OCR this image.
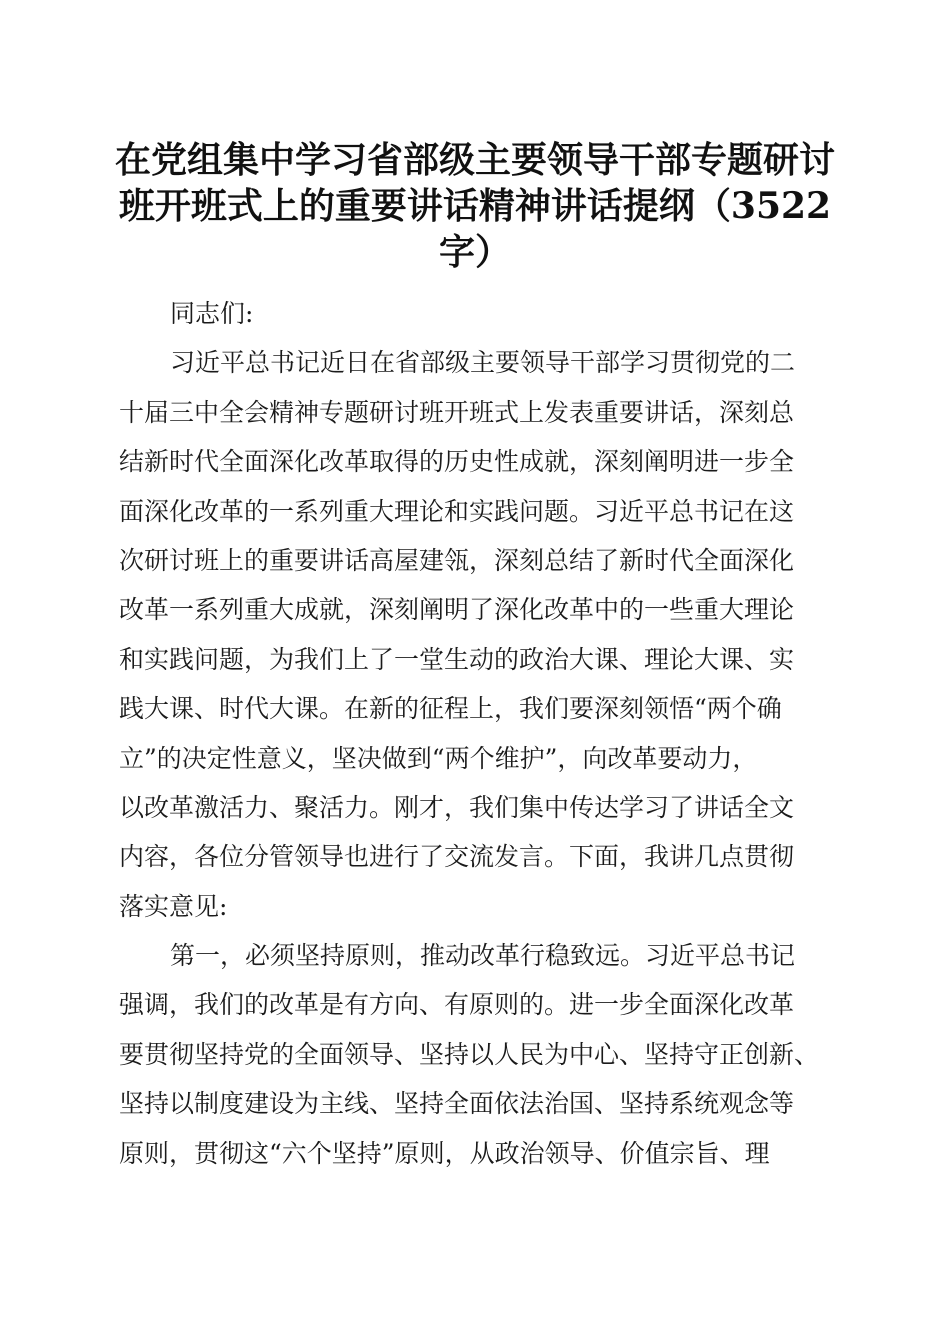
在党组集中学习省部级主要领导干部专题研讨
班开班式上的重要讲话精神讲话提纲（3522
字）
同志们:
习近平总书记近日在省部级主要领导干部学习贯彻党的二
十届三中全会精神专题研讨班开班式上发表重要讲话，深刻总
结新时代全面深化改革取得的历史性成就，深刻阐明进一步全
面深化改革的一系列重大理论和实践问题。习近平总书记在这
次研讨班上的重要讲话高屋建瓴，深刻总结了新时代全面深化
改革一系列重大成就，深刻阐明了深化改革中的一些重大理论
和实践问题，为我们上了一堂生动的政治大课、理论大课、实
践大课、时代大课。在新的征程上，我们要深刻领悟“两个确
立”的决定性意义，坚决做到“两个维护”，向改革要动力，
以改革激活力、聚活力。刚才，我们集中传达学习了讲话全文
内容，各位分管领导也进行了交流发言。下面，我讲几点贯彻
落实意见:
第一，必须坚持原则，推动改革行稳致远。习近平总书记
强调，我们的改革是有方向、有原则的。进一步全面深化改革
要贯彻坚持党的全面领导、坚持以人民为中心、坚持守正创新、
坚持以制度建设为主线、坚持全面依法治国、坚持系统观念等
原则，贯彻这“六个坚持”原则，从政治领导、价值宗旨、理
